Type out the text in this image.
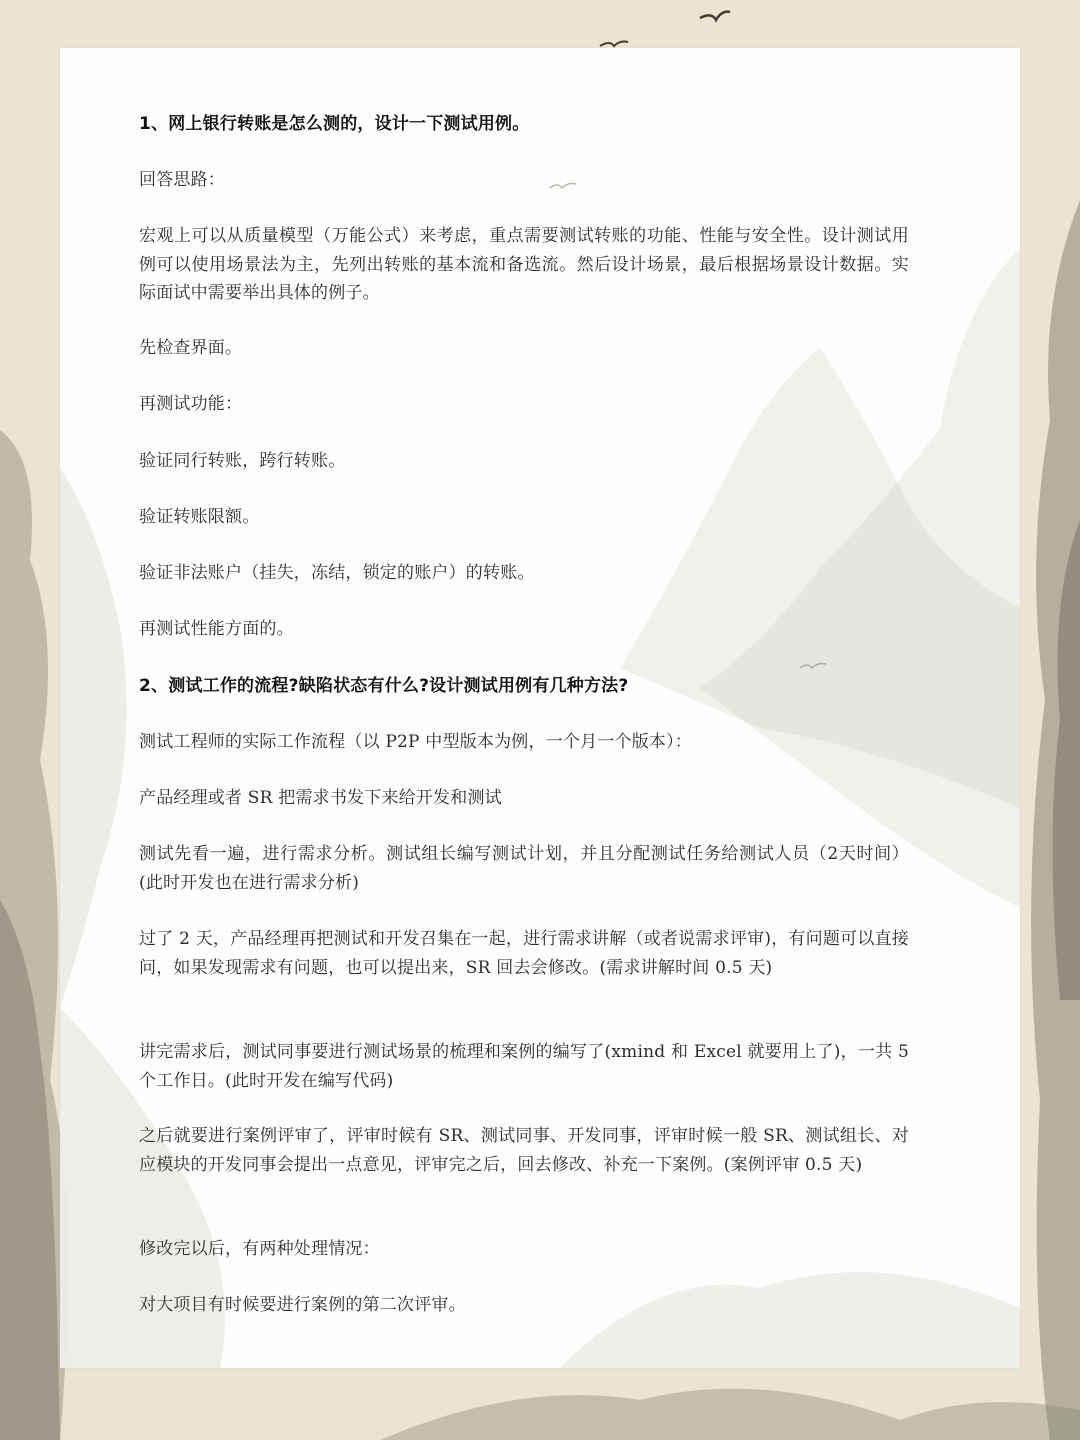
1、网上银行转账是怎么测的，设计一下测试用例。

回答思路：

宏观上可以从质量模型（万能公式）来考虑，重点需要测试转账的功能、性能与安全性。设计测试用例可以使用场景法为主，先列出转账的基本流和备选流。然后设计场景，最后根据场景设计数据。实际面试中需要举出具体的例子。

先检查界面。

再测试功能：

验证同行转账，跨行转账。

验证转账限额。

验证非法账户（挂失，冻结，锁定的账户）的转账。

再测试性能方面的。

2、测试工作的流程?缺陷状态有什么?设计测试用例有几种方法?

测试工程师的实际工作流程（以 P2P 中型版本为例，一个月一个版本）：

产品经理或者 SR 把需求书发下来给开发和测试

测试先看一遍，进行需求分析。测试组长编写测试计划，并且分配测试任务给测试人员（2天时间）(此时开发也在进行需求分析)

过了 2 天，产品经理再把测试和开发召集在一起，进行需求讲解（或者说需求评审)，有问题可以直接问，如果发现需求有问题，也可以提出来，SR 回去会修改。(需求讲解时间 0.5 天)

讲完需求后，测试同事要进行测试场景的梳理和案例的编写了(xmind 和 Excel 就要用上了)，一共 5 个工作日。(此时开发在编写代码)

之后就要进行案例评审了，评审时候有 SR、测试同事、开发同事，评审时候一般 SR、测试组长、对应模块的开发同事会提出一点意见，评审完之后，回去修改、补充一下案例。(案例评审 0.5 天)

修改完以后，有两种处理情况：

对大项目有时候要进行案例的第二次评审。
